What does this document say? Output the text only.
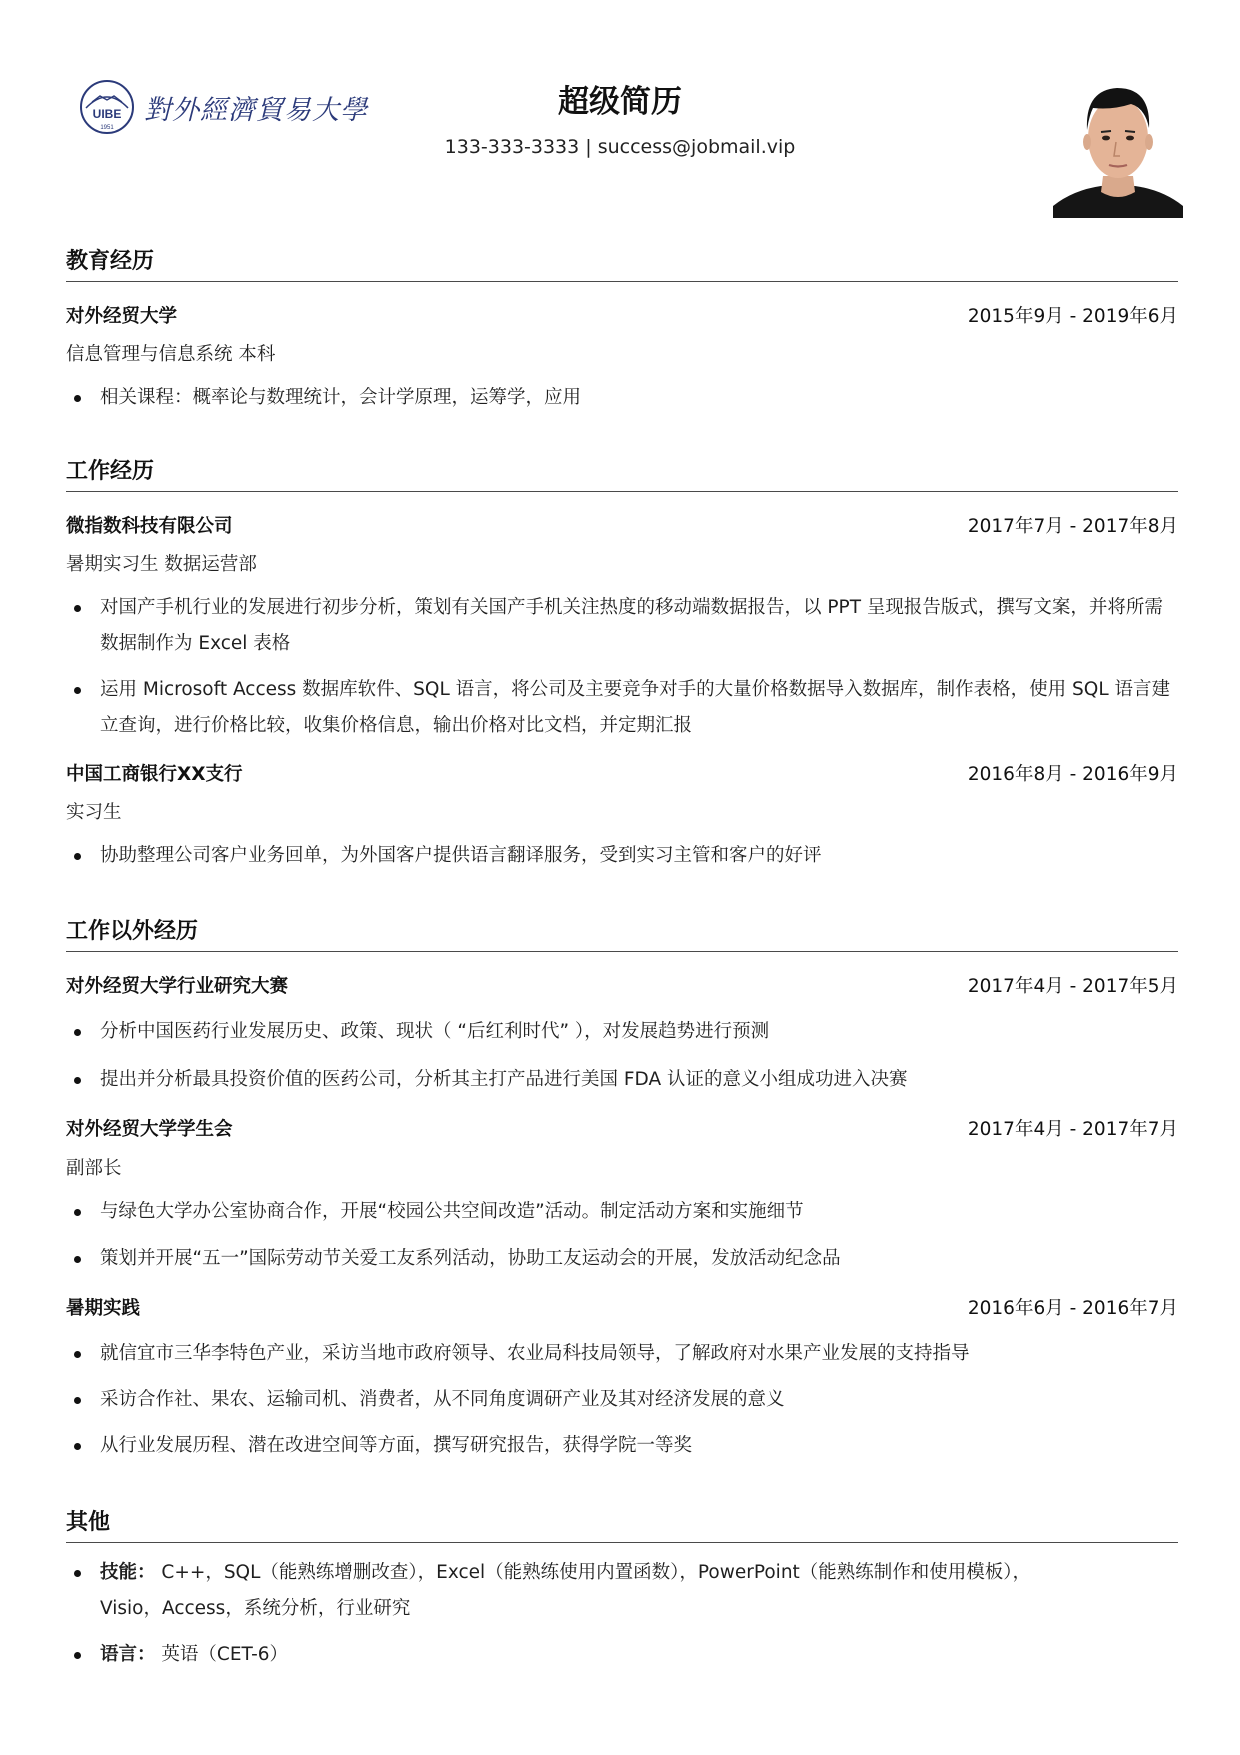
UIBE
1951
對外經濟貿易大學	超级简历
133-333-3333 | success@jobmail.vip
教育经历
对外经贸大学	2015年9月 - 2019年6月
信息管理与信息系统 本科
相关课程：概率论与数理统计，会计学原理，运筹学，应用
工作经历
微指数科技有限公司	2017年7月 - 2017年8月
暑期实习生 数据运营部
对国产手机行业的发展进行初步分析，策划有关国产手机关注热度的移动端数据报告，以 PPT 呈现报告版式，撰写文案，并将所需数据制作为 Excel 表格
运用 Microsoft Access 数据库软件、SQL 语言，将公司及主要竞争对手的大量价格数据导入数据库，制作表格，使用 SQL 语言建立查询，进行价格比较，收集价格信息，输出价格对比文档，并定期汇报
中国工商银行XX支行	2016年8月 - 2016年9月
实习生
协助整理公司客户业务回单，为外国客户提供语言翻译服务，受到实习主管和客户的好评
工作以外经历
对外经贸大学行业研究大赛	2017年4月 - 2017年5月
分析中国医药行业发展历史、政策、现状（ “后红利时代” ），对发展趋势进行预测
提出并分析最具投资价值的医药公司，分析其主打产品进行美国 FDA 认证的意义小组成功进入决赛
对外经贸大学学生会	2017年4月 - 2017年7月
副部长
与绿色大学办公室协商合作，开展“校园公共空间改造”活动。制定活动方案和实施细节
策划并开展“五一”国际劳动节关爱工友系列活动，协助工友运动会的开展，发放活动纪念品
暑期实践	2016年6月 - 2016年7月
就信宜市三华李特色产业，采访当地市政府领导、农业局科技局领导，了解政府对水果产业发展的支持指导
采访合作社、果农、运输司机、消费者，从不同角度调研产业及其对经济发展的意义
从行业发展历程、潜在改进空间等方面，撰写研究报告，获得学院一等奖
其他
技能： C++，SQL（能熟练增删改查），Excel（能熟练使用内置函数），PowerPoint（能熟练制作和使用模板），Visio，Access，系统分析，行业研究
语言： 英语（CET-6）
